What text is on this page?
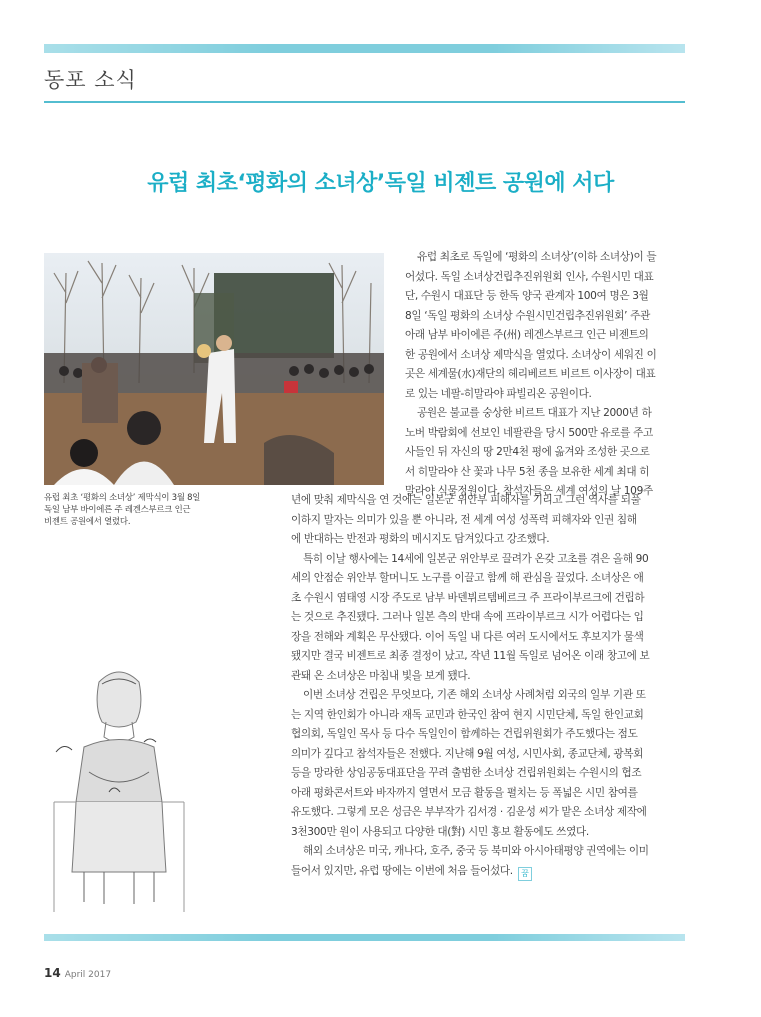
동포 소식
유럽 최초‘평화의 소녀상’독일 비젠트 공원에 서다
유럽 최초 ‘평화의 소녀상’ 제막식이 3월 8일
독일 남부 바이에른 주 레겐스부르크 인근
비젠트 공원에서 열렸다.
유럽 최초로 독일에 ‘평화의 소녀상’(이하 소녀상)이 들
어섰다. 독일 소녀상건립추진위원회 인사, 수원시민 대표
단, 수원시 대표단 등 한독 양국 관계자 100여 명은 3월
8일 ‘독일 평화의 소녀상 수원시민건립추진위원회’ 주관
아래 남부 바이에른 주(州) 레겐스부르크 인근 비젠트의
한 공원에서 소녀상 제막식을 열었다. 소녀상이 세워진 이
곳은 세계물(水)재단의 헤리베르트 비르트 이사장이 대표
로 있는 네팔-히말라야 파빌리온 공원이다.
공원은 불교를 숭상한 비르트 대표가 지난 2000년 하
노버 박람회에 선보인 네팔관을 당시 500만 유로를 주고
사들인 뒤 자신의 땅 2만4천 평에 옮겨와 조성한 곳으로
서 히말라야 산 꽃과 나무 5천 종을 보유한 세계 최대 히
말라야 식물정원이다. 참석자들은 세계 여성의 날 109주
년에 맞춰 제막식을 연 것에는 일본군 위안부 피해자를 기리고 그런 역사를 되풀
이하지 말자는 의미가 있을 뿐 아니라, 전 세계 여성 성폭력 피해자와 인권 침해
에 반대하는 반전과 평화의 메시지도 담겨있다고 강조했다.
특히 이날 행사에는 14세에 일본군 위안부로 끌려가 온갖 고초를 겪은 올해 90
세의 안점순 위안부 할머니도 노구를 이끌고 함께 해 관심을 끌었다. 소녀상은 애
초 수원시 염태영 시장 주도로 남부 바덴뷔르템베르크 주 프라이부르크에 건립하
는 것으로 추진됐다. 그러나 일본 측의 반대 속에 프라이부르크 시가 어렵다는 입
장을 전해와 계획은 무산됐다. 이어 독일 내 다른 여러 도시에서도 후보지가 물색
됐지만 결국 비젠트로 최종 결정이 났고, 작년 11월 독일로 넘어온 이래 창고에 보
관돼 온 소녀상은 마침내 빛을 보게 됐다.
이번 소녀상 건립은 무엇보다, 기존 해외 소녀상 사례처럼 외국의 일부 기관 또
는 지역 한인회가 아니라 재독 교민과 한국인 참여 현지 시민단체, 독일 한인교회
협의회, 독일인 목사 등 다수 독일인이 함께하는 건립위원회가 주도했다는 점도
의미가 깊다고 참석자들은 전했다. 지난해 9월 여성, 시민사회, 종교단체, 광복회
등을 망라한 상임공동대표단을 꾸려 출범한 소녀상 건립위원회는 수원시의 협조
아래 평화콘서트와 바자까지 열면서 모금 활동을 펼치는 등 폭넓은 시민 참여를
유도했다. 그렇게 모은 성금은 부부작가 김서경 · 김운성 씨가 맡은 소녀상 제작에
3천300만 원이 사용되고 다양한 대(對) 시민 홍보 활동에도 쓰였다.
해외 소녀상은 미국, 캐나다, 호주, 중국 등 북미와 아시아태평양 권역에는 이미
들어서 있지만, 유럽 땅에는 이번에 처음 들어섰다. 꿈
14 April 2017
